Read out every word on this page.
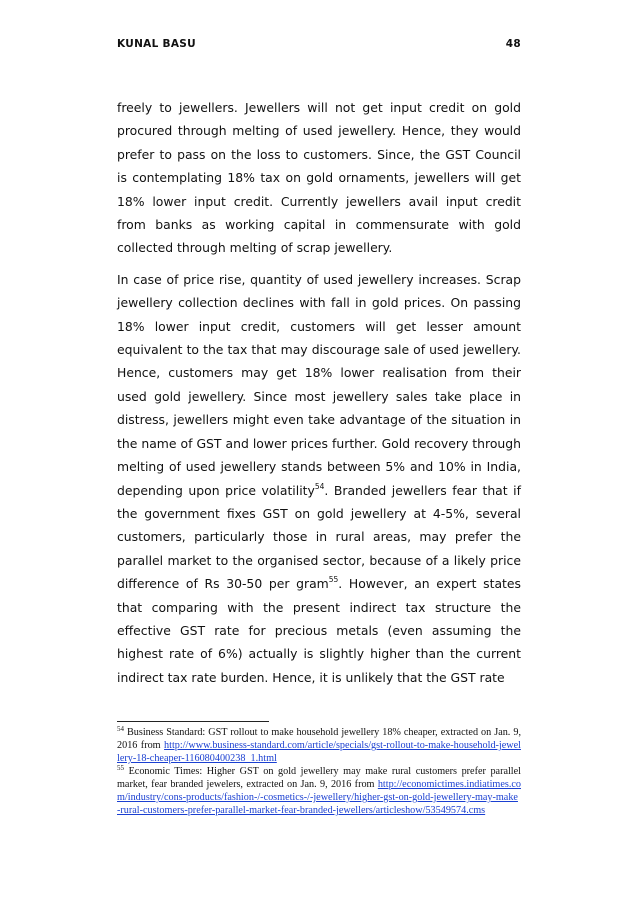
KUNAL BASU	48

freely to jewellers. Jewellers will not get input credit on gold procured through melting of used jewellery. Hence, they would prefer to pass on the loss to customers. Since, the GST Council is contemplating 18% tax on gold ornaments, jewellers will get 18% lower input credit. Currently jewellers avail input credit from banks as working capital in commensurate with gold collected through melting of scrap jewellery.

In case of price rise, quantity of used jewellery increases. Scrap jewellery collection declines with fall in gold prices. On passing 18% lower input credit, customers will get lesser amount equivalent to the tax that may discourage sale of used jewellery. Hence, customers may get 18% lower realisation from their used gold jewellery. Since most jewellery sales take place in distress, jewellers might even take advantage of the situation in the name of GST and lower prices further. Gold recovery through melting of used jewellery stands between 5% and 10% in India, depending upon price volatility$^{54}$. Branded jewellers fear that if the government fixes GST on gold jewellery at 4-5%, several customers, particularly those in rural areas, may prefer the parallel market to the organised sector, because of a likely price difference of Rs 30-50 per gram$^{55}$. However, an expert states that comparing with the present indirect tax structure the effective GST rate for precious metals (even assuming the highest rate of 6%) actually is slightly higher than the current indirect tax rate burden. Hence, it is unlikely that the GST rate

$^{54}$ Business Standard: GST rollout to make household jewellery 18% cheaper, extracted on Jan. 9, 2016 from http://www.business-standard.com/article/specials/gst-rollout-to-make-household-jewellery-18-cheaper-116080400238_1.html

$^{55}$ Economic Times: Higher GST on gold jewellery may make rural customers prefer parallel market, fear branded jewelers, extracted on Jan. 9, 2016 from http://economictimes.indiatimes.com/industry/cons-products/fashion-/-cosmetics-/-jewellery/higher-gst-on-gold-jewellery-may-make-rural-customers-prefer-parallel-market-fear-branded-jewellers/articleshow/53549574.cms
